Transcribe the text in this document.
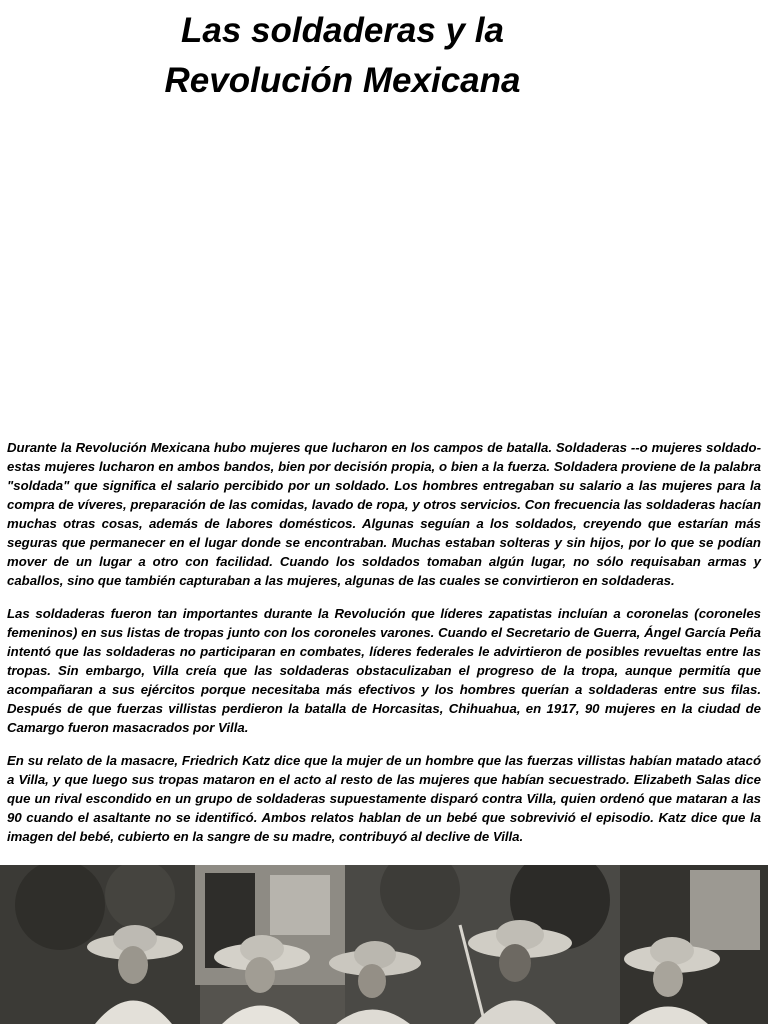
Las soldaderas y la
Revolución Mexicana

Durante la Revolución Mexicana hubo mujeres que lucharon en los campos de batalla. Soldaderas --o mujeres soldado- estas mujeres lucharon en ambos bandos, bien por decisión propia, o bien a la fuerza. Soldadera proviene de la palabra "soldada" que significa el salario percibido por un soldado. Los hombres entregaban su salario a las mujeres para la compra de víveres, preparación de las comidas, lavado de ropa, y otros servicios. Con frecuencia las soldaderas hacían muchas otras cosas, además de labores domésticos. Algunas seguían a los soldados, creyendo que estarían más seguras que permanecer en el lugar donde se encontraban. Muchas estaban solteras y sin hijos, por lo que se podían mover de un lugar a otro con facilidad. Cuando los soldados tomaban algún lugar, no sólo requisaban armas y caballos, sino que también capturaban a las mujeres, algunas de las cuales se convirtieron en soldaderas.

Las soldaderas fueron tan importantes durante la Revolución que líderes zapatistas incluían a coronelas (coroneles femeninos) en sus listas de tropas junto con los coroneles varones. Cuando el Secretario de Guerra, Ángel García Peña intentó que las soldaderas no participaran en combates, líderes federales le advirtieron de posibles revueltas entre las tropas. Sin embargo, Villa creía que las soldaderas obstaculizaban el progreso de la tropa, aunque permitía que acompañaran a sus ejércitos porque necesitaba más efectivos y los hombres querían a soldaderas entre sus filas. Después de que fuerzas villistas perdieron la batalla de Horcasitas, Chihuahua, en 1917, 90 mujeres en la ciudad de Camargo fueron masacrados por Villa.

En su relato de la masacre, Friedrich Katz dice que la mujer de un hombre que las fuerzas villistas habían matado atacó a Villa, y que luego sus tropas mataron en el acto al resto de las mujeres que habían secuestrado. Elizabeth Salas dice que un rival escondido en un grupo de soldaderas supuestamente disparó contra Villa, quien ordenó que mataran a las 90 cuando el asaltante no se identificó. Ambos relatos hablan de un bebé que sobrevivió el episodio. Katz dice que la imagen del bebé, cubierto en la sangre de su madre, contribuyó al declive de Villa.
